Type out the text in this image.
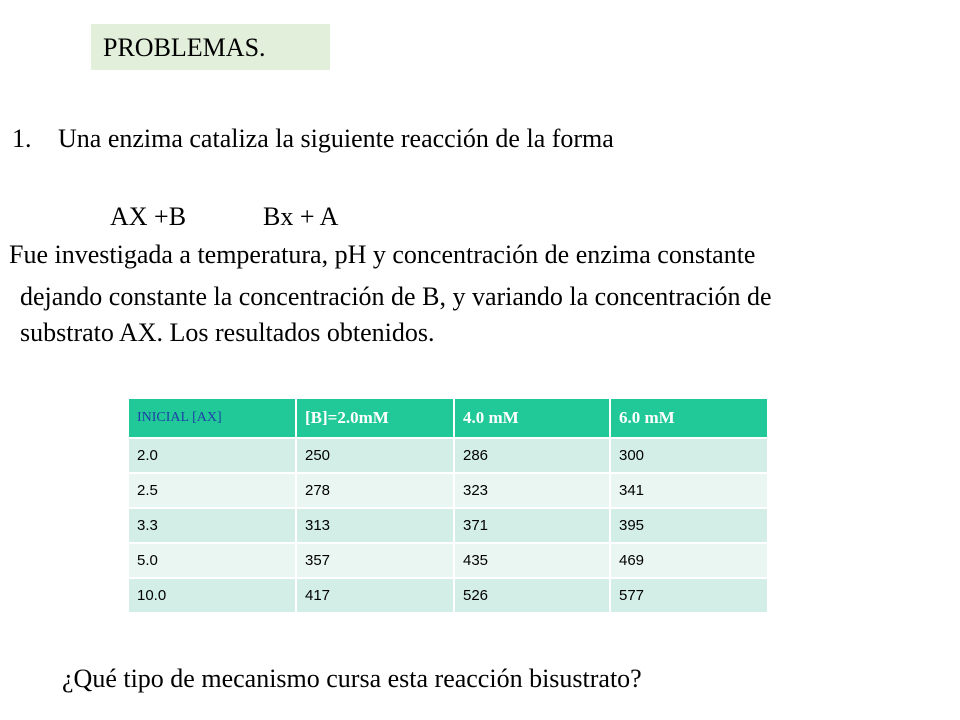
PROBLEMAS.
1. Una enzima cataliza la siguiente reacción de la forma
AX +B	Bx + A
Fue investigada a temperatura, pH y concentración de enzima constante
dejando constante la concentración de B, y variando la concentración de
substrato AX. Los resultados obtenidos.
INICIAL [AX]	[B]=2.0mM	4.0 mM	6.0 mM
2.0	250	286	300
2.5	278	323	341
3.3	313	371	395
5.0	357	435	469
10.0	417	526	577
¿Qué tipo de mecanismo cursa esta reacción bisustrato?
